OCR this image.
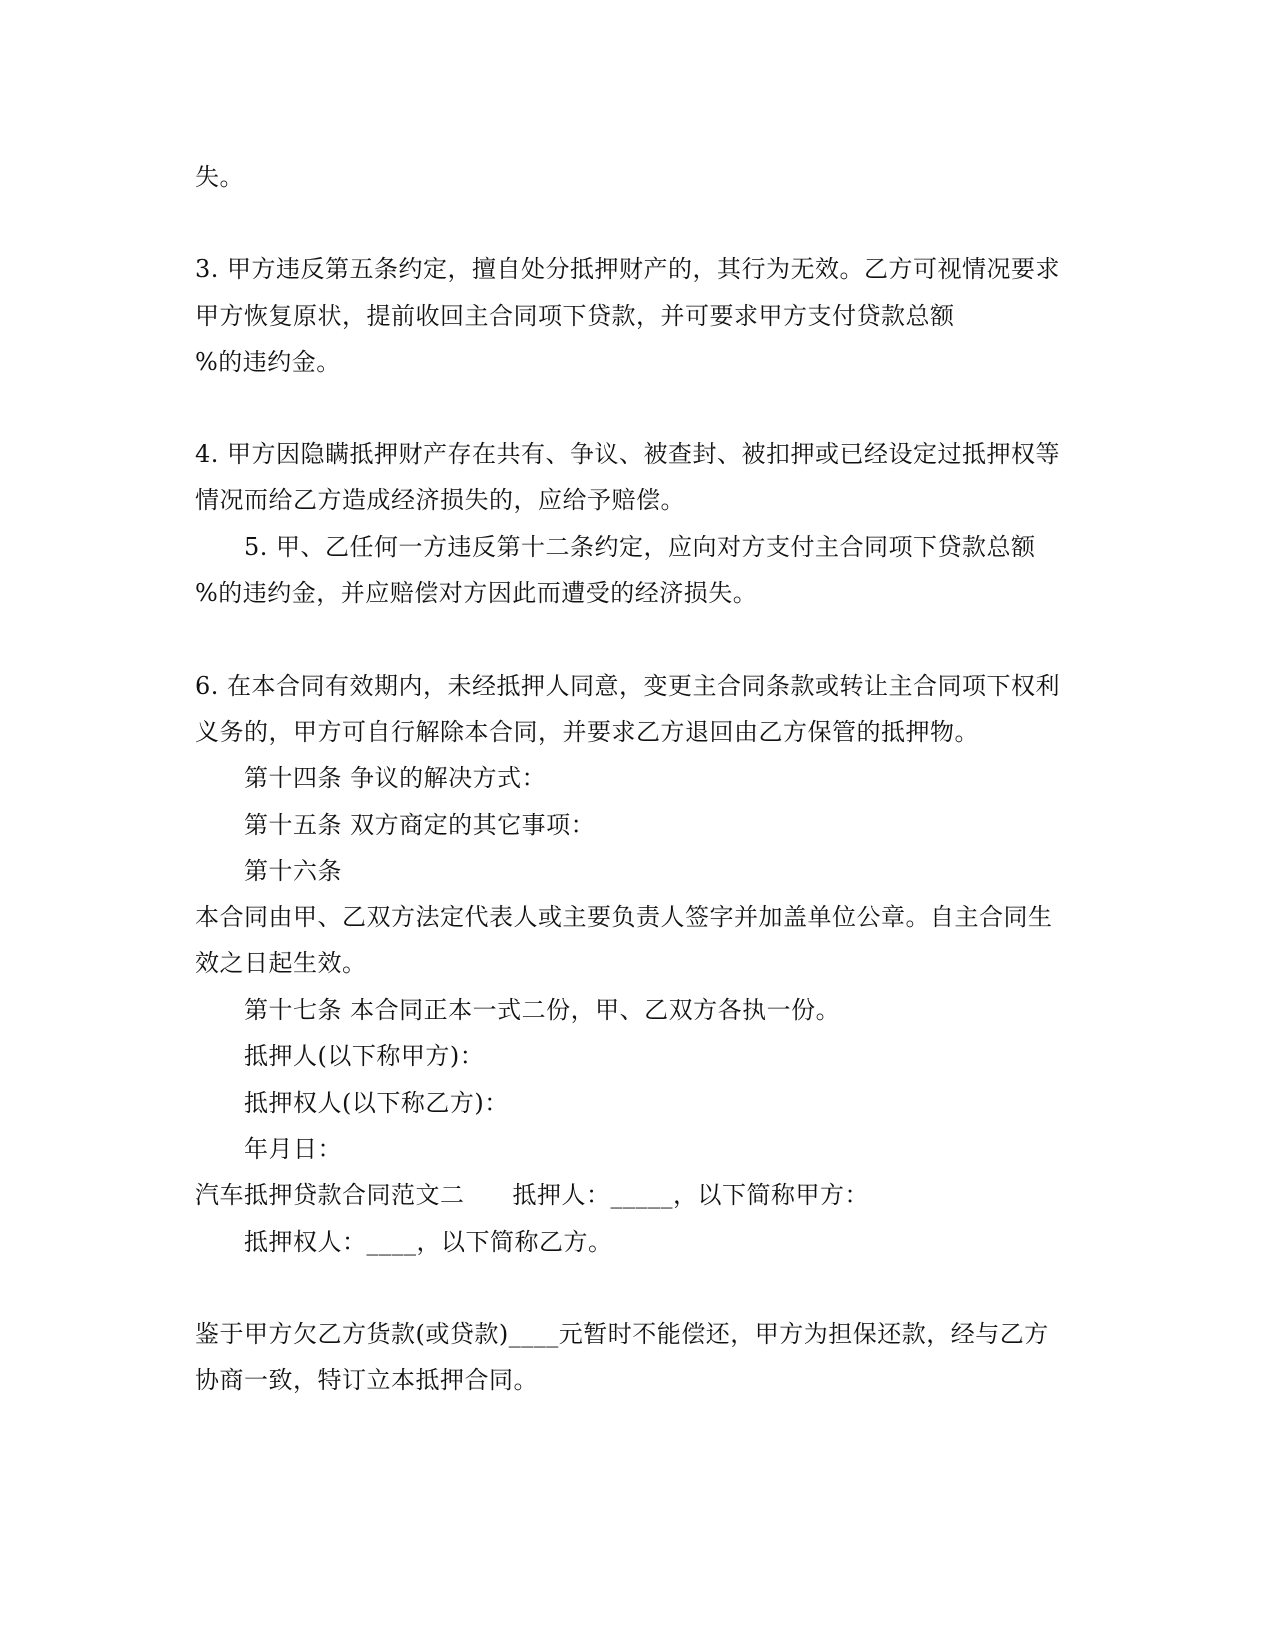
失。
3. 甲方违反第五条约定，擅自处分抵押财产的，其行为无效。乙方可视情况要求
甲方恢复原状，提前收回主合同项下贷款，并可要求甲方支付贷款总额
%的违约金。
4. 甲方因隐瞒抵押财产存在共有、争议、被查封、被扣押或已经设定过抵押权等
情况而给乙方造成经济损失的，应给予赔偿。
5. 甲、乙任何一方违反第十二条约定，应向对方支付主合同项下贷款总额
%的违约金，并应赔偿对方因此而遭受的经济损失。
6. 在本合同有效期内，未经抵押人同意，变更主合同条款或转让主合同项下权利
义务的，甲方可自行解除本合同，并要求乙方退回由乙方保管的抵押物。
第十四条 争议的解决方式：
第十五条 双方商定的其它事项：
第十六条
本合同由甲、乙双方法定代表人或主要负责人签字并加盖单位公章。自主合同生
效之日起生效。
第十七条 本合同正本一式二份，甲、乙双方各执一份。
抵押人(以下称甲方)：
抵押权人(以下称乙方)：
年月日：
汽车抵押贷款合同范文二 抵押人：_____，以下简称甲方：
抵押权人：____，以下简称乙方。
鉴于甲方欠乙方货款(或贷款)____元暂时不能偿还，甲方为担保还款，经与乙方
协商一致，特订立本抵押合同。
